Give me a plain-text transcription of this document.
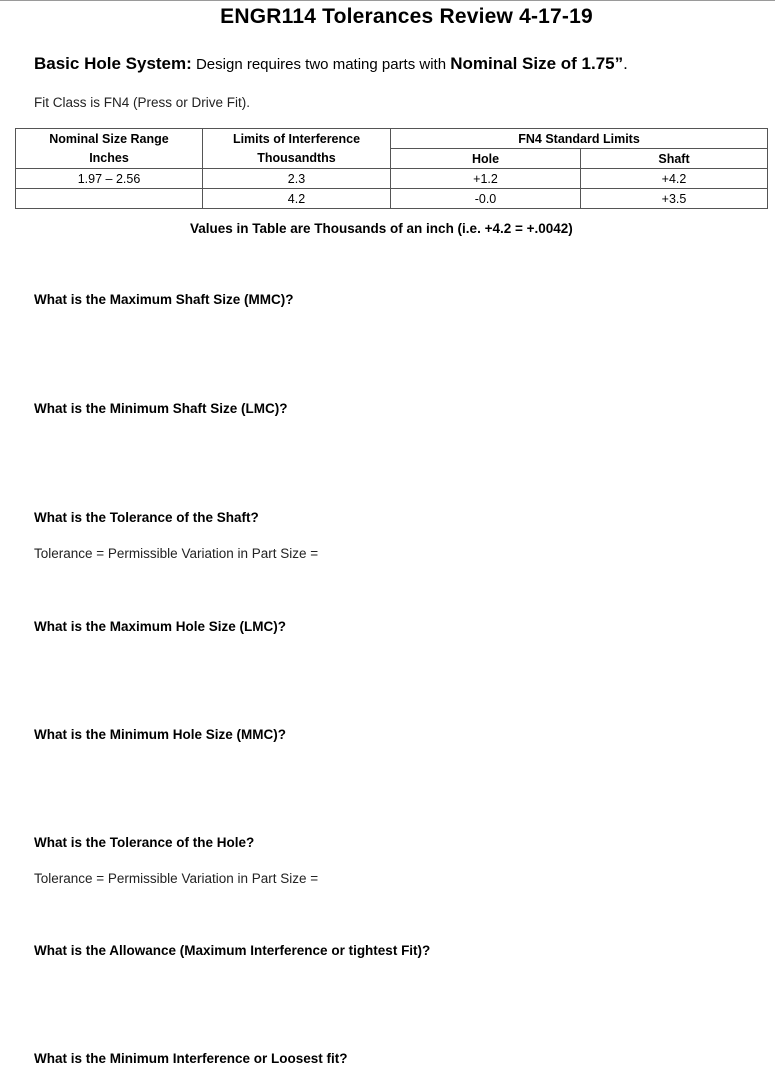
ENGR114 Tolerances Review 4-17-19
Basic Hole System: Design requires two mating parts with Nominal Size of 1.75”.
Fit Class is FN4 (Press or Drive Fit).
Nominal Size Range	Limits of Interference	FN4 Standard Limits	
Inches	Thousandths	Hole	Shaft
1.97 – 2.56	2.3	+1.2	+4.2
	4.2	-0.0	+3.5
Values in Table are Thousands of an inch (i.e. +4.2 = +.0042)
What is the Maximum Shaft Size (MMC)?
What is the Minimum Shaft Size (LMC)?
What is the Tolerance of the Shaft?
Tolerance = Permissible Variation in Part Size =
What is the Maximum Hole Size (LMC)?
What is the Minimum Hole Size (MMC)?
What is the Tolerance of the Hole?
Tolerance = Permissible Variation in Part Size =
What is the Allowance (Maximum Interference or tightest Fit)?
What is the Minimum Interference or Loosest fit?
